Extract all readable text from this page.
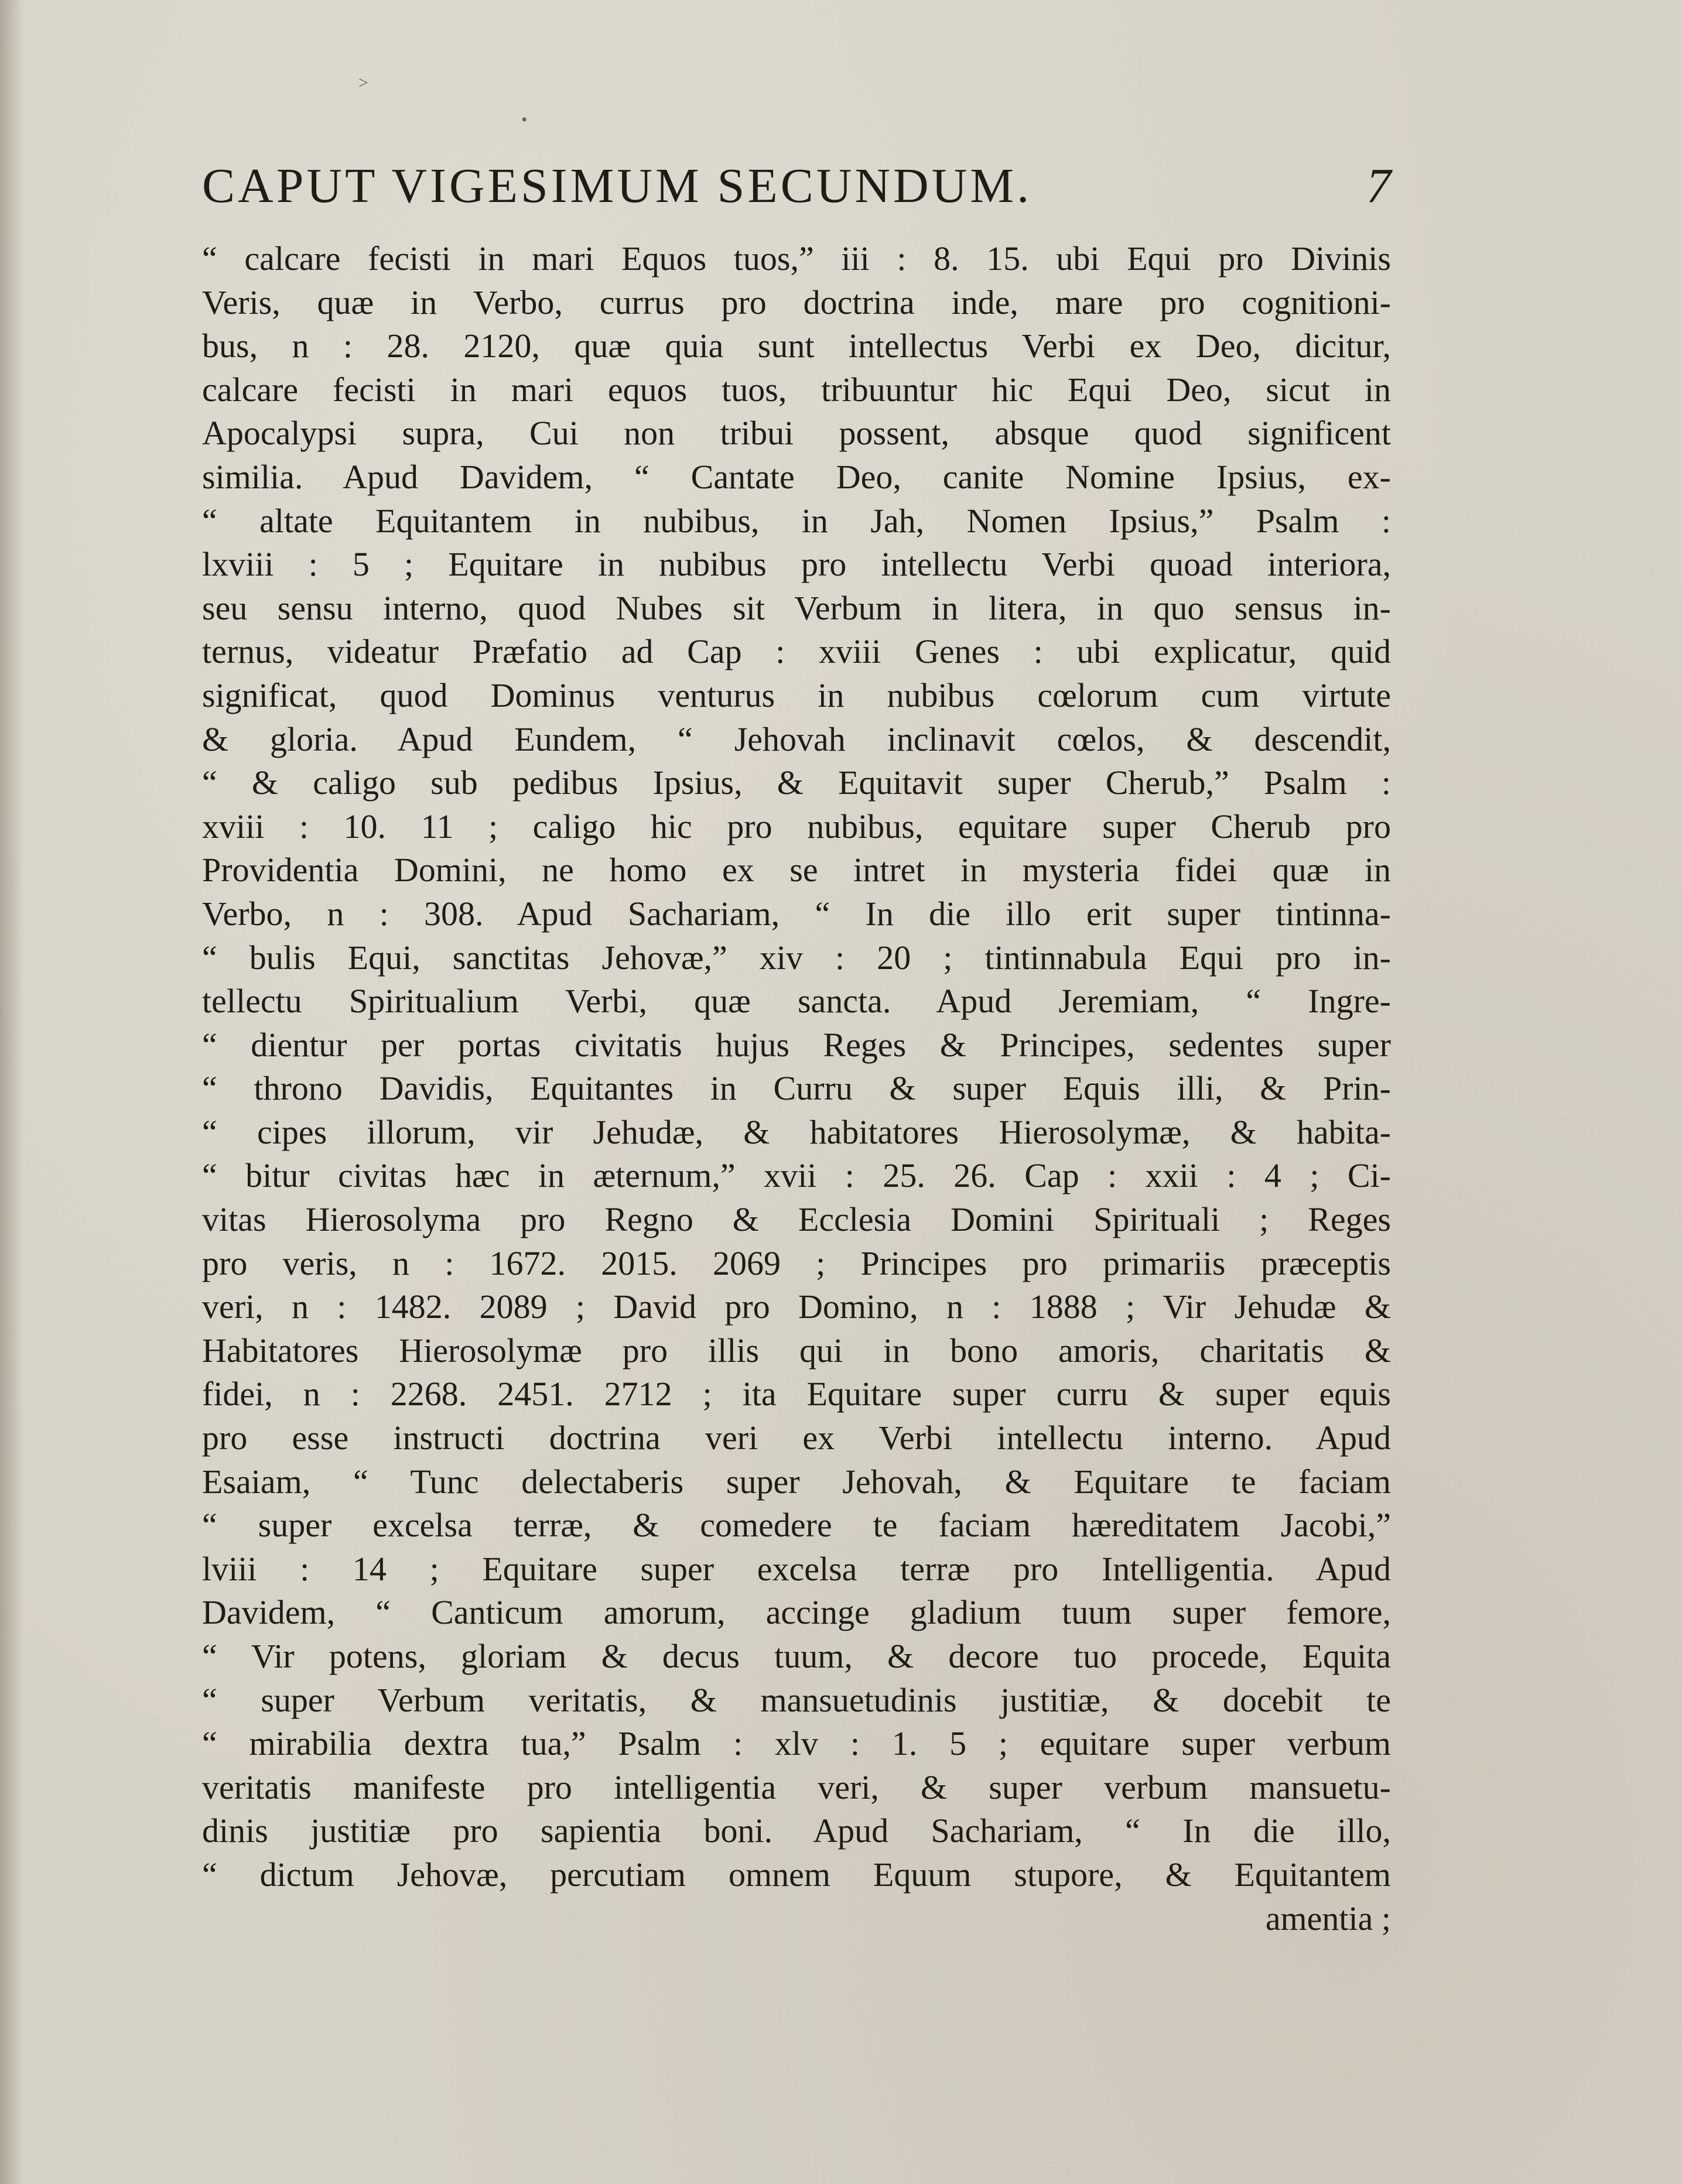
˃
•
CAPUT VIGESIMUM SECUNDUM.	7
“ calcare fecisti in mari Equos tuos,” iii : 8. 15. ubi Equi pro Divinis
Veris, quæ in Verbo, currus pro doctrina inde, mare pro cognitioni-
bus, n : 28. 2120, quæ quia sunt intellectus Verbi ex Deo, dicitur,
calcare fecisti in mari equos tuos, tribuuntur hic Equi Deo, sicut in
Apocalypsi supra, Cui non tribui possent, absque quod significent
similia. Apud Davidem, “ Cantate Deo, canite Nomine Ipsius, ex-
“ altate Equitantem in nubibus, in Jah, Nomen Ipsius,” Psalm :
lxviii : 5 ; Equitare in nubibus pro intellectu Verbi quoad interiora,
seu sensu interno, quod Nubes sit Verbum in litera, in quo sensus in-
ternus, videatur Præfatio ad Cap : xviii Genes : ubi explicatur, quid
significat, quod Dominus venturus in nubibus cœlorum cum virtute
& gloria. Apud Eundem, “ Jehovah inclinavit cœlos, & descendit,
“ & caligo sub pedibus Ipsius, & Equitavit super Cherub,” Psalm :
xviii : 10. 11 ; caligo hic pro nubibus, equitare super Cherub pro
Providentia Domini, ne homo ex se intret in mysteria fidei quæ in
Verbo, n : 308. Apud Sachariam, “ In die illo erit super tintinna-
“ bulis Equi, sanctitas Jehovæ,” xiv : 20 ; tintinnabula Equi pro in-
tellectu Spiritualium Verbi, quæ sancta. Apud Jeremiam, “ Ingre-
“ dientur per portas civitatis hujus Reges & Principes, sedentes super
“ throno Davidis, Equitantes in Curru & super Equis illi, & Prin-
“ cipes illorum, vir Jehudæ, & habitatores Hierosolymæ, & habita-
“ bitur civitas hæc in æternum,” xvii : 25. 26. Cap : xxii : 4 ; Ci-
vitas Hierosolyma pro Regno & Ecclesia Domini Spirituali ; Reges
pro veris, n : 1672. 2015. 2069 ; Principes pro primariis præceptis
veri, n : 1482. 2089 ; David pro Domino, n : 1888 ; Vir Jehudæ &
Habitatores Hierosolymæ pro illis qui in bono amoris, charitatis &
fidei, n : 2268. 2451. 2712 ; ita Equitare super curru & super equis
pro esse instructi doctrina veri ex Verbi intellectu interno. Apud
Esaiam, “ Tunc delectaberis super Jehovah, & Equitare te faciam
“ super excelsa terræ, & comedere te faciam hæreditatem Jacobi,”
lviii : 14 ; Equitare super excelsa terræ pro Intelligentia. Apud
Davidem, “ Canticum amorum, accinge gladium tuum super femore,
“ Vir potens, gloriam & decus tuum, & decore tuo procede, Equita
“ super Verbum veritatis, & mansuetudinis justitiæ, & docebit te
“ mirabilia dextra tua,” Psalm : xlv : 1. 5 ; equitare super verbum
veritatis manifeste pro intelligentia veri, & super verbum mansuetu-
dinis justitiæ pro sapientia boni. Apud Sachariam, “ In die illo,
“ dictum Jehovæ, percutiam omnem Equum stupore, & Equitantem
amentia ;
